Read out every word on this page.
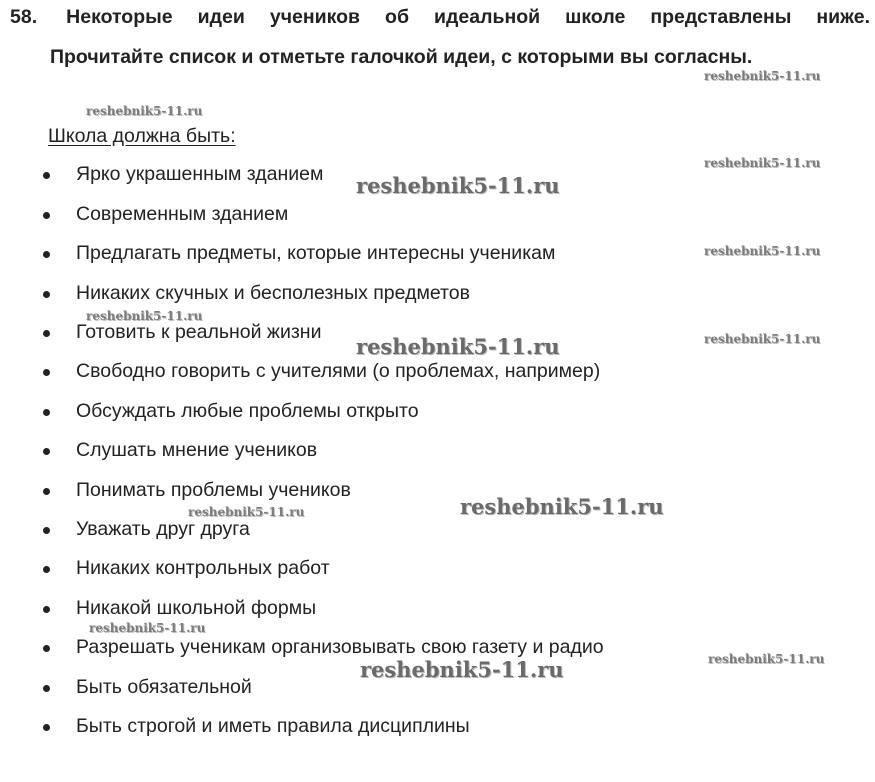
58. Некоторые идеи учеников об идеальной школе представлены ниже.
Прочитайте список и отметьте галочкой идеи, с которыми вы согласны.
Школа должна быть:
Ярко украшенным зданием
Современным зданием
Предлагать предметы, которые интересны ученикам
Никаких скучных и бесполезных предметов
Готовить к реальной жизни
Свободно говорить с учителями (о проблемах, например)
Обсуждать любые проблемы открыто
Слушать мнение учеников
Понимать проблемы учеников
Уважать друг друга
Никаких контрольных работ
Никакой школьной формы
Разрешать ученикам организовывать свою газету и радио
Быть обязательной
Быть строгой и иметь правила дисциплины
reshebnik5-11.ru
reshebnik5-11.ru
reshebnik5-11.ru
reshebnik5-11.ru
reshebnik5-11.ru
reshebnik5-11.ru
reshebnik5-11.ru
reshebnik5-11.ru
reshebnik5-11.ru
reshebnik5-11.ru
reshebnik5-11.ru
reshebnik5-11.ru
reshebnik5-11.ru
